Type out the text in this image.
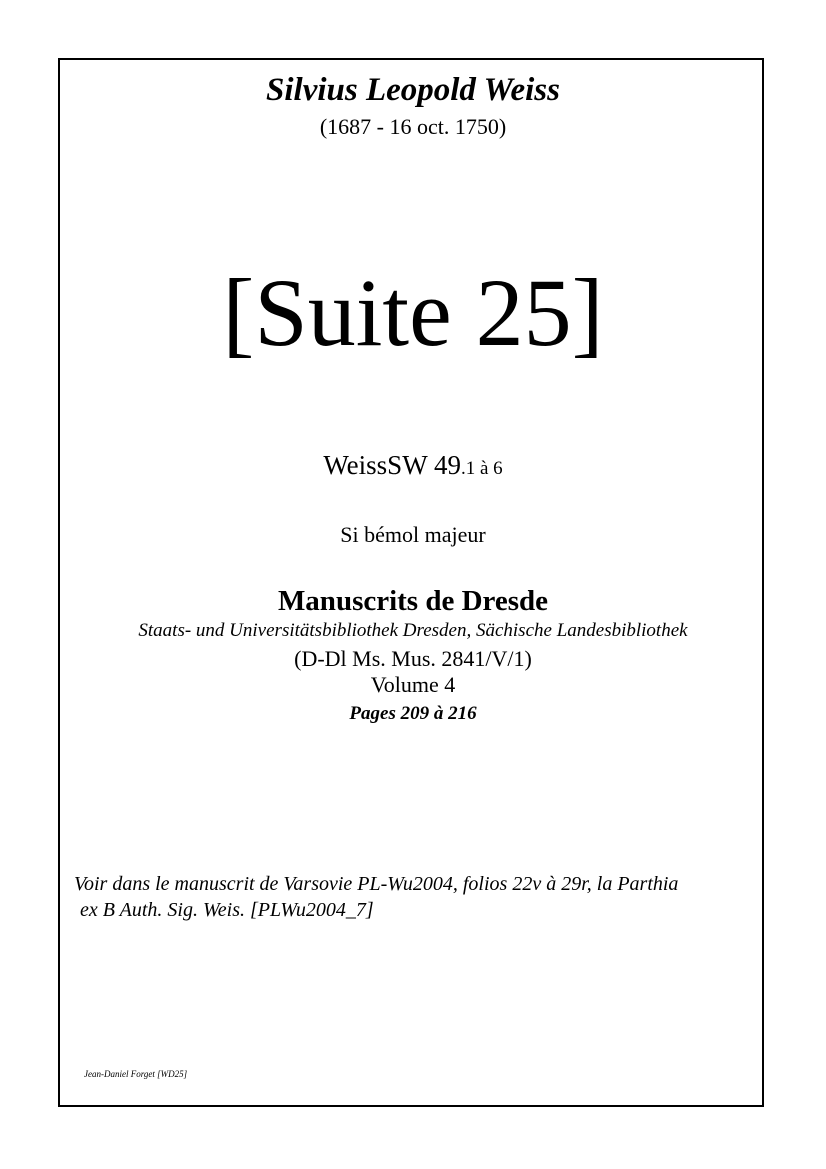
Silvius Leopold Weiss
(1687 - 16 oct. 1750)
[Suite 25]
WeissSW 49.1 à 6
Si bémol majeur
Manuscrits de Dresde
Staats- und Universitätsbibliothek Dresden, Sächische Landesbibliothek
(D-Dl Ms. Mus. 2841/V/1)
Volume 4
Pages 209 à 216
Voir dans le manuscrit de Varsovie PL-Wu2004, folios 22v à 29r, la Parthia
ex B Auth. Sig. Weis. [PLWu2004_7]
Jean-Daniel Forget [WD25]
